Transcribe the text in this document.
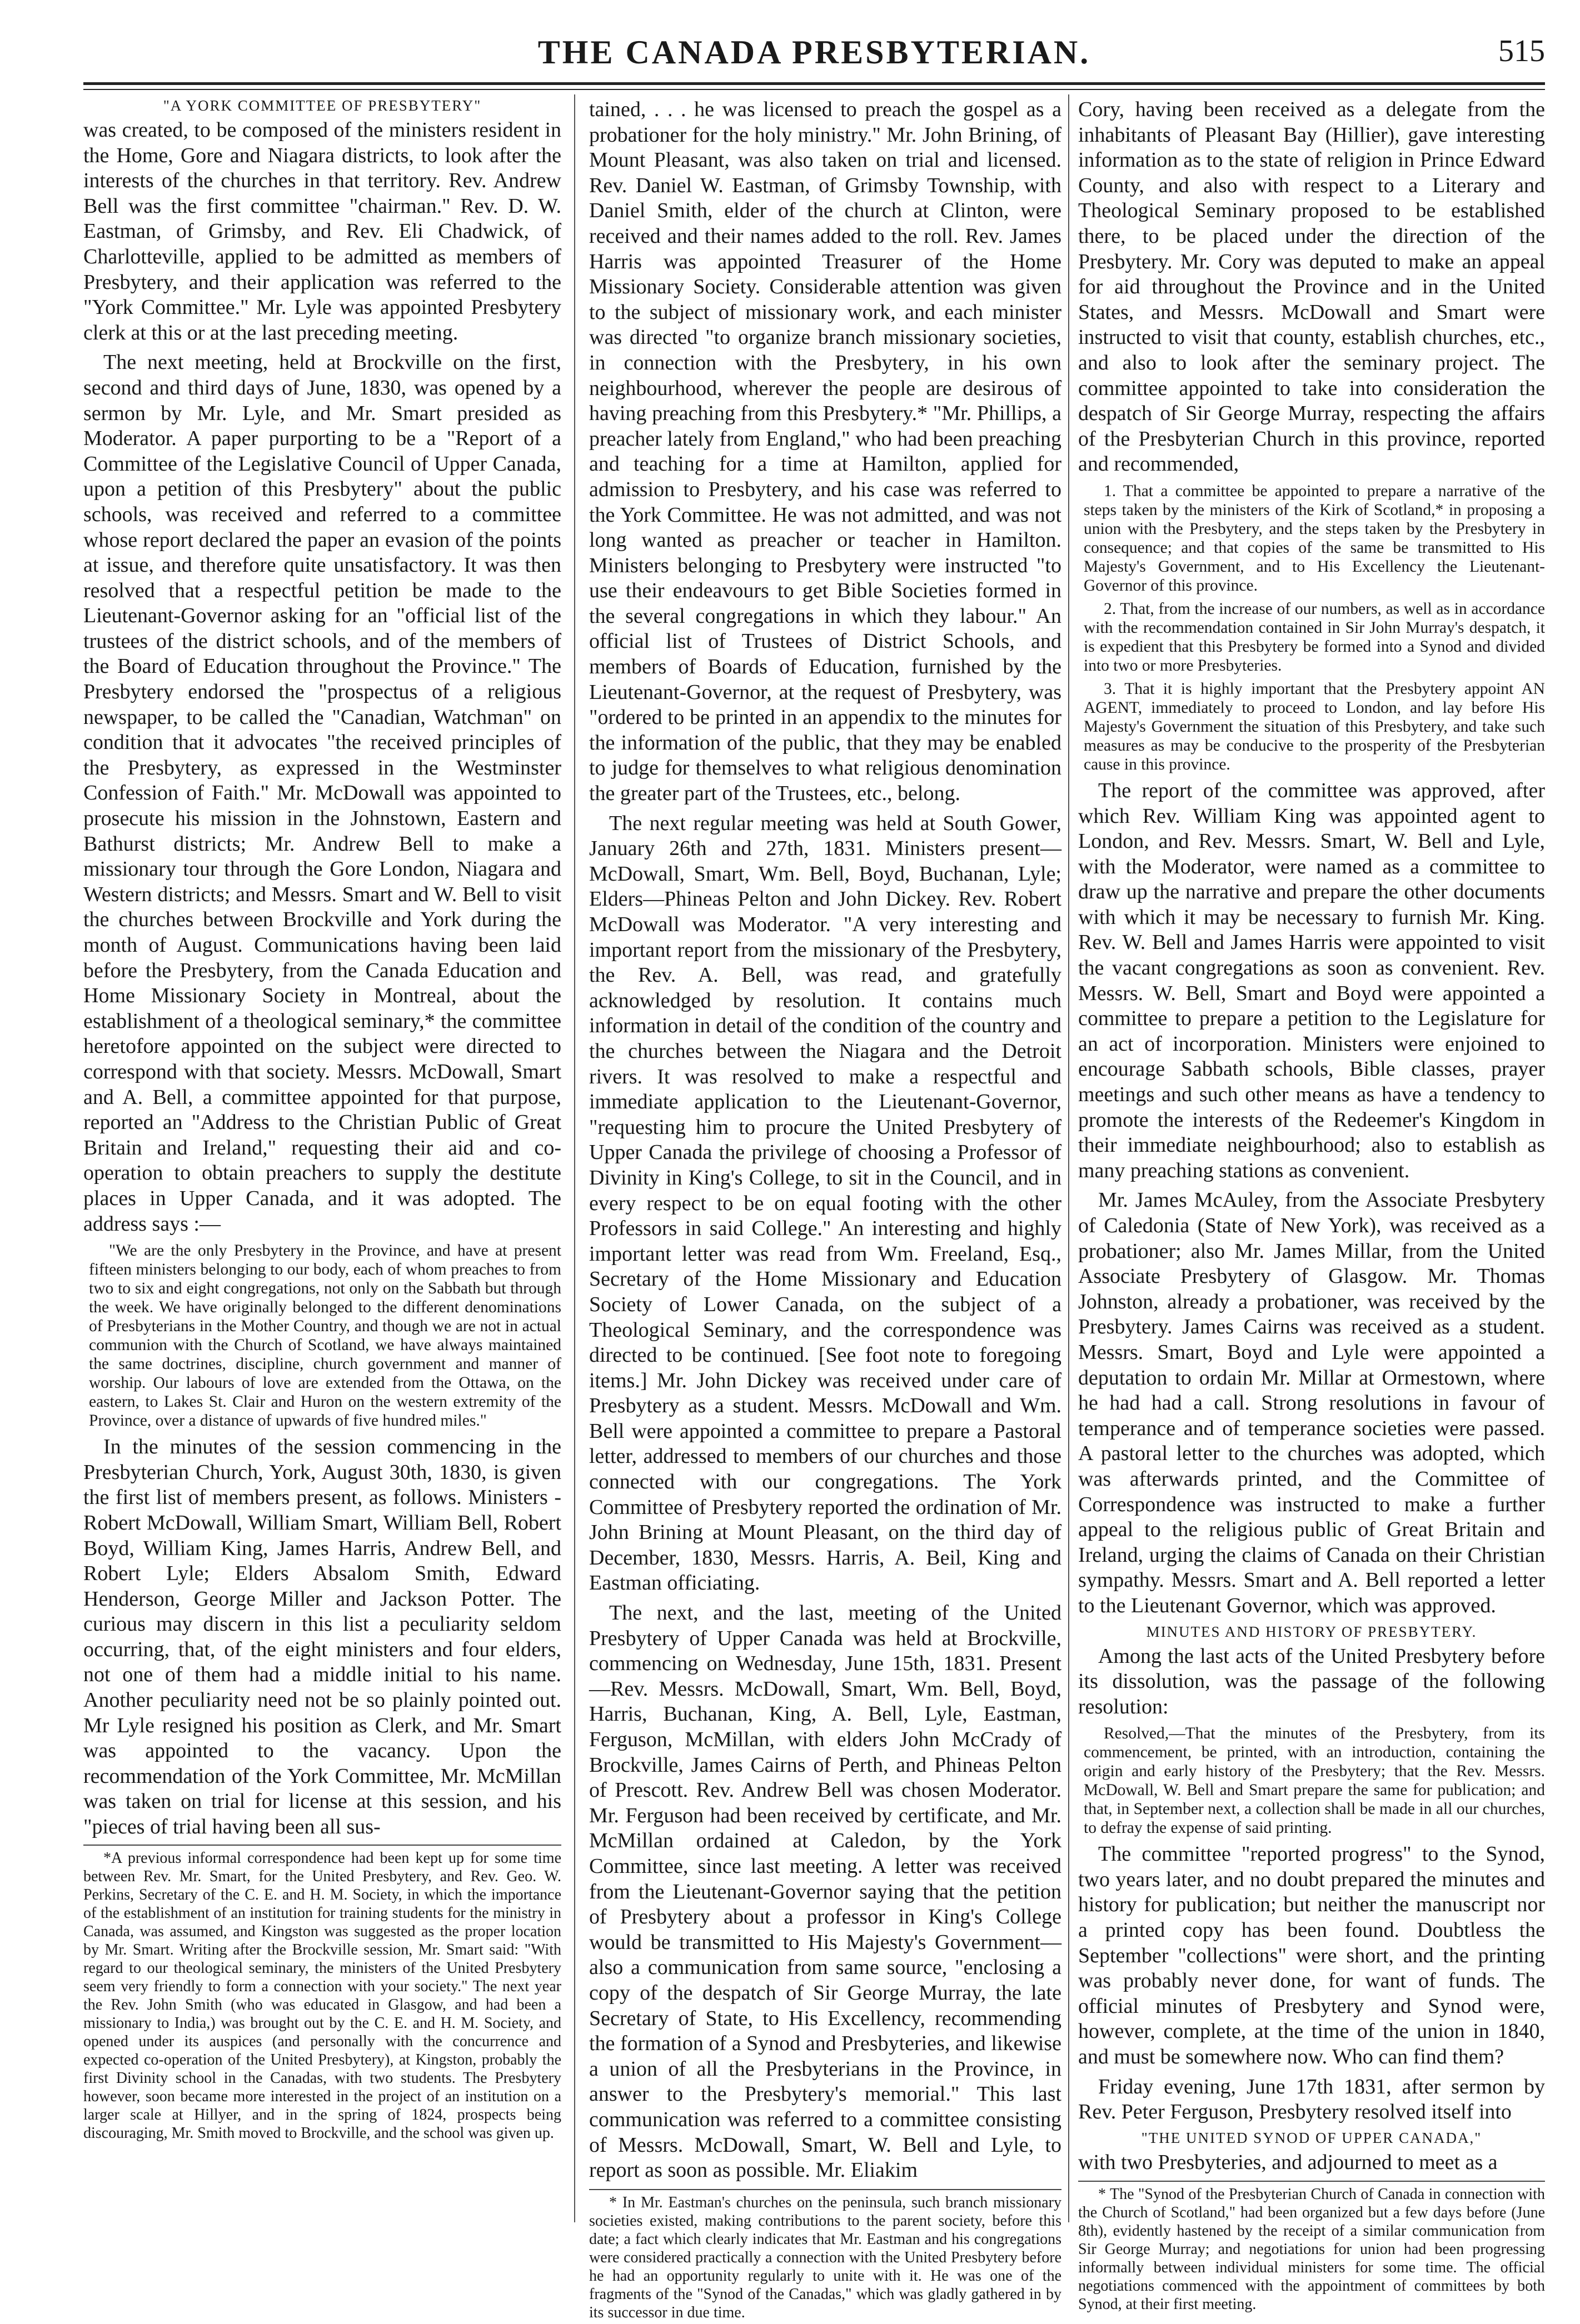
THE CANADA PRESBYTERIAN.	515
"A YORK COMMITTEE OF PRESBYTERY"

was created, to be composed of the ministers resident in the Home, Gore and Niagara districts, to look after the interests of the churches in that territory. Rev. Andrew Bell was the first committee "chairman." Rev. D. W. Eastman, of Grimsby, and Rev. Eli Chadwick, of Charlotteville, applied to be admitted as members of Presbytery, and their application was referred to the "York Committee." Mr. Lyle was appointed Presbytery clerk at this or at the last preceding meeting.

The next meeting, held at Brockville on the first, second and third days of June, 1830, was opened by a sermon by Mr. Lyle, and Mr. Smart presided as Moderator. A paper purporting to be a "Report of a Committee of the Legislative Council of Upper Canada, upon a petition of this Presbytery" about the public schools, was received and referred to a committee whose report declared the paper an evasion of the points at issue, and therefore quite unsatisfactory. It was then resolved that a respectful petition be made to the Lieutenant-Governor asking for an "official list of the trustees of the district schools, and of the members of the Board of Education throughout the Province." The Presbytery endorsed the "prospectus of a religious newspaper, to be called the "Canadian, Watchman" on condition that it advocates "the received principles of the Presbytery, as expressed in the Westminster Confession of Faith." Mr. McDowall was appointed to prosecute his mission in the Johnstown, Eastern and Bathurst districts; Mr. Andrew Bell to make a missionary tour through the Gore London, Niagara and Western districts; and Messrs. Smart and W. Bell to visit the churches between Brockville and York during the month of August. Communications having been laid before the Presbytery, from the Canada Education and Home Missionary Society in Montreal, about the establishment of a theological seminary,* the committee heretofore appointed on the subject were directed to correspond with that society. Messrs. McDowall, Smart and A. Bell, a committee appointed for that purpose, reported an "Address to the Christian Public of Great Britain and Ireland," requesting their aid and co-operation to obtain preachers to supply the destitute places in Upper Canada, and it was adopted. The address says :—

"We are the only Presbytery in the Province, and have at present fifteen ministers belonging to our body, each of whom preaches to from two to six and eight congregations, not only on the Sabbath but through the week. We have originally belonged to the different denominations of Presbyterians in the Mother Country, and though we are not in actual communion with the Church of Scotland, we have always maintained the same doctrines, discipline, church government and manner of worship. Our labours of love are extended from the Ottawa, on the eastern, to Lakes St. Clair and Huron on the western extremity of the Province, over a distance of upwards of five hundred miles."

In the minutes of the session commencing in the Presbyterian Church, York, August 30th, 1830, is given the first list of members present, as follows. Ministers - Robert McDowall, William Smart, William Bell, Robert Boyd, William King, James Harris, Andrew Bell, and Robert Lyle; Elders Absalom Smith, Edward Henderson, George Miller and Jackson Potter. The curious may discern in this list a peculiarity seldom occurring, that, of the eight ministers and four elders, not one of them had a middle initial to his name. Another peculiarity need not be so plainly pointed out. Mr Lyle resigned his position as Clerk, and Mr. Smart was appointed to the vacancy. Upon the recommendation of the York Committee, Mr. McMillan was taken on trial for license at this session, and his "pieces of trial having been all sus-

*A previous informal correspondence had been kept up for some time between Rev. Mr. Smart, for the United Presbytery, and Rev. Geo. W. Perkins, Secretary of the C. E. and H. M. Society, in which the importance of the establishment of an institution for training students for the ministry in Canada, was assumed, and Kingston was suggested as the proper location by Mr. Smart. Writing after the Brockville session, Mr. Smart said: "With regard to our theological seminary, the ministers of the United Presbytery seem very friendly to form a connection with your society." The next year the Rev. John Smith (who was educated in Glasgow, and had been a missionary to India,) was brought out by the C. E. and H. M. Society, and opened under its auspices (and personally with the concurrence and expected co-operation of the United Presbytery), at Kingston, probably the first Divinity school in the Canadas, with two students. The Presbytery however, soon became more interested in the project of an institution on a larger scale at Hillyer, and in the spring of 1824, prospects being discouraging, Mr. Smith moved to Brockville, and the school was given up.

tained, . . . he was licensed to preach the gospel as a probationer for the holy ministry." Mr. John Brining, of Mount Pleasant, was also taken on trial and licensed. Rev. Daniel W. Eastman, of Grimsby Township, with Daniel Smith, elder of the church at Clinton, were received and their names added to the roll. Rev. James Harris was appointed Treasurer of the Home Missionary Society. Considerable attention was given to the subject of missionary work, and each minister was directed "to organize branch missionary societies, in connection with the Presbytery, in his own neighbourhood, wherever the people are desirous of having preaching from this Presbytery.* "Mr. Phillips, a preacher lately from England," who had been preaching and teaching for a time at Hamilton, applied for admission to Presbytery, and his case was referred to the York Committee. He was not admitted, and was not long wanted as preacher or teacher in Hamilton. Ministers belonging to Presbytery were instructed "to use their endeavours to get Bible Societies formed in the several congregations in which they labour." An official list of Trustees of District Schools, and members of Boards of Education, furnished by the Lieutenant-Governor, at the request of Presbytery, was "ordered to be printed in an appendix to the minutes for the information of the public, that they may be enabled to judge for themselves to what religious denomination the greater part of the Trustees, etc., belong.

The next regular meeting was held at South Gower, January 26th and 27th, 1831. Ministers present—McDowall, Smart, Wm. Bell, Boyd, Buchanan, Lyle; Elders—Phineas Pelton and John Dickey. Rev. Robert McDowall was Moderator. "A very interesting and important report from the missionary of the Presbytery, the Rev. A. Bell, was read, and gratefully acknowledged by resolution. It contains much information in detail of the condition of the country and the churches between the Niagara and the Detroit rivers. It was resolved to make a respectful and immediate application to the Lieutenant-Governor, "requesting him to procure the United Presbytery of Upper Canada the privilege of choosing a Professor of Divinity in King's College, to sit in the Council, and in every respect to be on equal footing with the other Professors in said College." An interesting and highly important letter was read from Wm. Freeland, Esq., Secretary of the Home Missionary and Education Society of Lower Canada, on the subject of a Theological Seminary, and the correspondence was directed to be continued. [See foot note to foregoing items.] Mr. John Dickey was received under care of Presbytery as a student. Messrs. McDowall and Wm. Bell were appointed a committee to prepare a Pastoral letter, addressed to members of our churches and those connected with our congregations. The York Committee of Presbytery reported the ordination of Mr. John Brining at Mount Pleasant, on the third day of December, 1830, Messrs. Harris, A. Beil, King and Eastman officiating.

The next, and the last, meeting of the United Presbytery of Upper Canada was held at Brockville, commencing on Wednesday, June 15th, 1831. Present—Rev. Messrs. McDowall, Smart, Wm. Bell, Boyd, Harris, Buchanan, King, A. Bell, Lyle, Eastman, Ferguson, McMillan, with elders John McCrady of Brockville, James Cairns of Perth, and Phineas Pelton of Prescott. Rev. Andrew Bell was chosen Moderator. Mr. Ferguson had been received by certificate, and Mr. McMillan ordained at Caledon, by the York Committee, since last meeting. A letter was received from the Lieutenant-Governor saying that the petition of Presbytery about a professor in King's College would be transmitted to His Majesty's Government—also a communication from same source, "enclosing a copy of the despatch of Sir George Murray, the late Secretary of State, to His Excellency, recommending the formation of a Synod and Presbyteries, and likewise a union of all the Presbyterians in the Province, in answer to the Presbytery's memorial." This last communication was referred to a committee consisting of Messrs. McDowall, Smart, W. Bell and Lyle, to report as soon as possible. Mr. Eliakim

* In Mr. Eastman's churches on the peninsula, such branch missionary societies existed, making contributions to the parent society, before this date; a fact which clearly indicates that Mr. Eastman and his congregations were considered practically a connection with the United Presbytery before he had an opportunity regularly to unite with it. He was one of the fragments of the "Synod of the Canadas," which was gladly gathered in by its successor in due time.

Cory, having been received as a delegate from the inhabitants of Pleasant Bay (Hillier), gave interesting information as to the state of religion in Prince Edward County, and also with respect to a Literary and Theological Seminary proposed to be established there, to be placed under the direction of the Presbytery. Mr. Cory was deputed to make an appeal for aid throughout the Province and in the United States, and Messrs. McDowall and Smart were instructed to visit that county, establish churches, etc., and also to look after the seminary project. The committee appointed to take into consideration the despatch of Sir George Murray, respecting the affairs of the Presbyterian Church in this province, reported and recommended,

1. That a committee be appointed to prepare a narrative of the steps taken by the ministers of the Kirk of Scotland,* in proposing a union with the Presbytery, and the steps taken by the Presbytery in consequence; and that copies of the same be transmitted to His Majesty's Government, and to His Excellency the Lieutenant-Governor of this province.

2. That, from the increase of our numbers, as well as in accordance with the recommendation contained in Sir John Murray's despatch, it is expedient that this Presbytery be formed into a Synod and divided into two or more Presbyteries.

3. That it is highly important that the Presbytery appoint AN AGENT, immediately to proceed to London, and lay before His Majesty's Government the situation of this Presbytery, and take such measures as may be conducive to the prosperity of the Presbyterian cause in this province.

The report of the committee was approved, after which Rev. William King was appointed agent to London, and Rev. Messrs. Smart, W. Bell and Lyle, with the Moderator, were named as a committee to draw up the narrative and prepare the other documents with which it may be necessary to furnish Mr. King. Rev. W. Bell and James Harris were appointed to visit the vacant congregations as soon as convenient. Rev. Messrs. W. Bell, Smart and Boyd were appointed a committee to prepare a petition to the Legislature for an act of incorporation. Ministers were enjoined to encourage Sabbath schools, Bible classes, prayer meetings and such other means as have a tendency to promote the interests of the Redeemer's Kingdom in their immediate neighbourhood; also to establish as many preaching stations as convenient.

Mr. James McAuley, from the Associate Presbytery of Caledonia (State of New York), was received as a probationer; also Mr. James Millar, from the United Associate Presbytery of Glasgow. Mr. Thomas Johnston, already a probationer, was received by the Presbytery. James Cairns was received as a student. Messrs. Smart, Boyd and Lyle were appointed a deputation to ordain Mr. Millar at Ormestown, where he had had a call. Strong resolutions in favour of temperance and of temperance societies were passed. A pastoral letter to the churches was adopted, which was afterwards printed, and the Committee of Correspondence was instructed to make a further appeal to the religious public of Great Britain and Ireland, urging the claims of Canada on their Christian sympathy. Messrs. Smart and A. Bell reported a letter to the Lieutenant Governor, which was approved.

MINUTES AND HISTORY OF PRESBYTERY.

Among the last acts of the United Presbytery before its dissolution, was the passage of the following resolution:

Resolved,—That the minutes of the Presbytery, from its commencement, be printed, with an introduction, containing the origin and early history of the Presbytery; that the Rev. Messrs. McDowall, W. Bell and Smart prepare the same for publication; and that, in September next, a collection shall be made in all our churches, to defray the expense of said printing.

The committee "reported progress" to the Synod, two years later, and no doubt prepared the minutes and history for publication; but neither the manuscript nor a printed copy has been found. Doubtless the September "collections" were short, and the printing was probably never done, for want of funds. The official minutes of Presbytery and Synod were, however, complete, at the time of the union in 1840, and must be somewhere now. Who can find them?

Friday evening, June 17th 1831, after sermon by Rev. Peter Ferguson, Presbytery resolved itself into

"THE UNITED SYNOD OF UPPER CANADA,"

with two Presbyteries, and adjourned to meet as a

* The "Synod of the Presbyterian Church of Canada in connection with the Church of Scotland," had been organized but a few days before (June 8th), evidently hastened by the receipt of a similar communication from Sir George Murray; and negotiations for union had been progressing informally between individual ministers for some time. The official negotiations commenced with the appointment of committees by both Synod, at their first meeting.
